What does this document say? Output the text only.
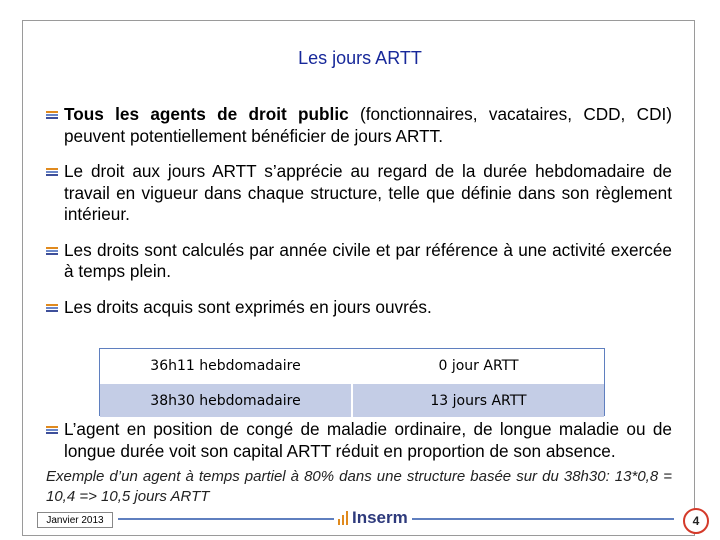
Les jours ARTT
Tous les agents de droit public (fonctionnaires, vacataires, CDD, CDI) peuvent potentiellement bénéficier de jours ARTT.
Le droit aux jours ARTT s’apprécie au regard de la durée hebdomadaire de travail en vigueur dans chaque structure, telle que définie dans son règlement intérieur.
Les droits sont calculés par année civile et par référence à une activité exercée à temps plein.
Les droits acquis sont exprimés en jours ouvrés.
36h11 hebdomadaire	0 jour ARTT
38h30 hebdomadaire	13 jours ARTT
L’agent en position de congé de maladie ordinaire, de longue maladie ou de longue durée voit son capital ARTT réduit en proportion de son absence.
Exemple d’un agent à temps partiel à 80% dans une structure basée sur du 38h30: 13*0,8 = 10,4 => 10,5 jours ARTT
Janvier 2013	Inserm	4
